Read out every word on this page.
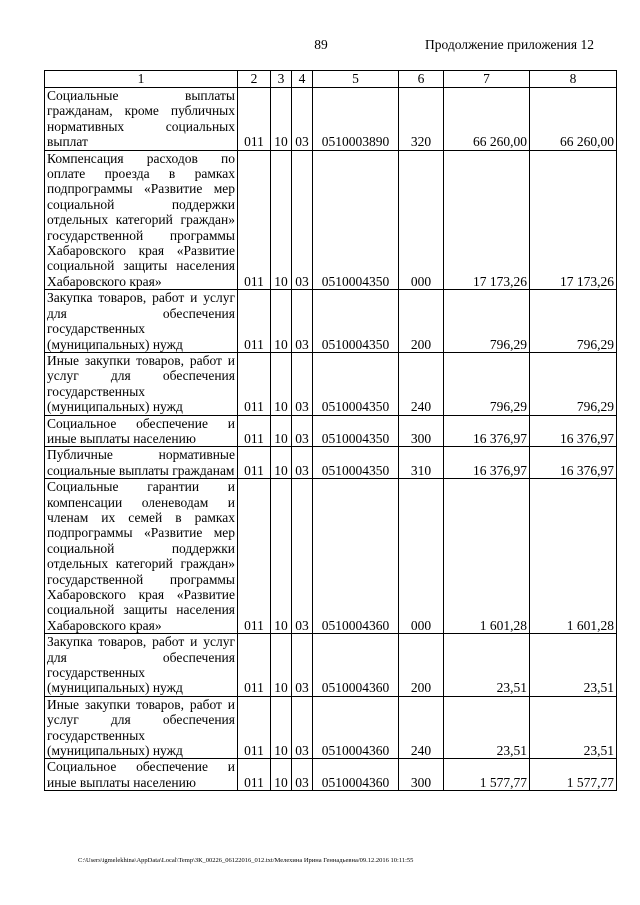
89	Продолжение приложения 12
1	2	3	4	5	6	7	8
Социальные выплаты гражданам, кроме публичных нормативных социальных выплат	011	10	03	0510003890	320	66 260,00	66 260,00
Компенсация расходов по оплате проезда в рамках подпрограммы «Развитие мер социальной поддержки отдельных категорий граждан» государственной программы Хабаровского края «Развитие социальной защиты населения Хабаровского края»	011	10	03	0510004350	000	17 173,26	17 173,26
Закупка товаров, работ и услуг для обеспечения государственных (муниципальных) нужд	011	10	03	0510004350	200	796,29	796,29
Иные закупки товаров, работ и услуг для обеспечения государственных (муниципальных) нужд	011	10	03	0510004350	240	796,29	796,29
Социальное обеспечение и иные выплаты населению	011	10	03	0510004350	300	16 376,97	16 376,97
Публичные нормативные социальные выплаты гражданам	011	10	03	0510004350	310	16 376,97	16 376,97
Социальные гарантии и компенсации оленеводам и членам их семей в рамках подпрограммы «Развитие мер социальной поддержки отдельных категорий граждан» государственной программы Хабаровского края «Развитие социальной защиты населения Хабаровского края»	011	10	03	0510004360	000	1 601,28	1 601,28
Закупка товаров, работ и услуг для обеспечения государственных (муниципальных) нужд	011	10	03	0510004360	200	23,51	23,51
Иные закупки товаров, работ и услуг для обеспечения государственных (муниципальных) нужд	011	10	03	0510004360	240	23,51	23,51
Социальное обеспечение и иные выплаты населению	011	10	03	0510004360	300	1 577,77	1 577,77
C:\Users\igmelekhina\AppData\Local\Temp\ЗК_00226_06122016_012.txt/Мелехина Ирина Геннадьевна/09.12.2016 10:11:55
